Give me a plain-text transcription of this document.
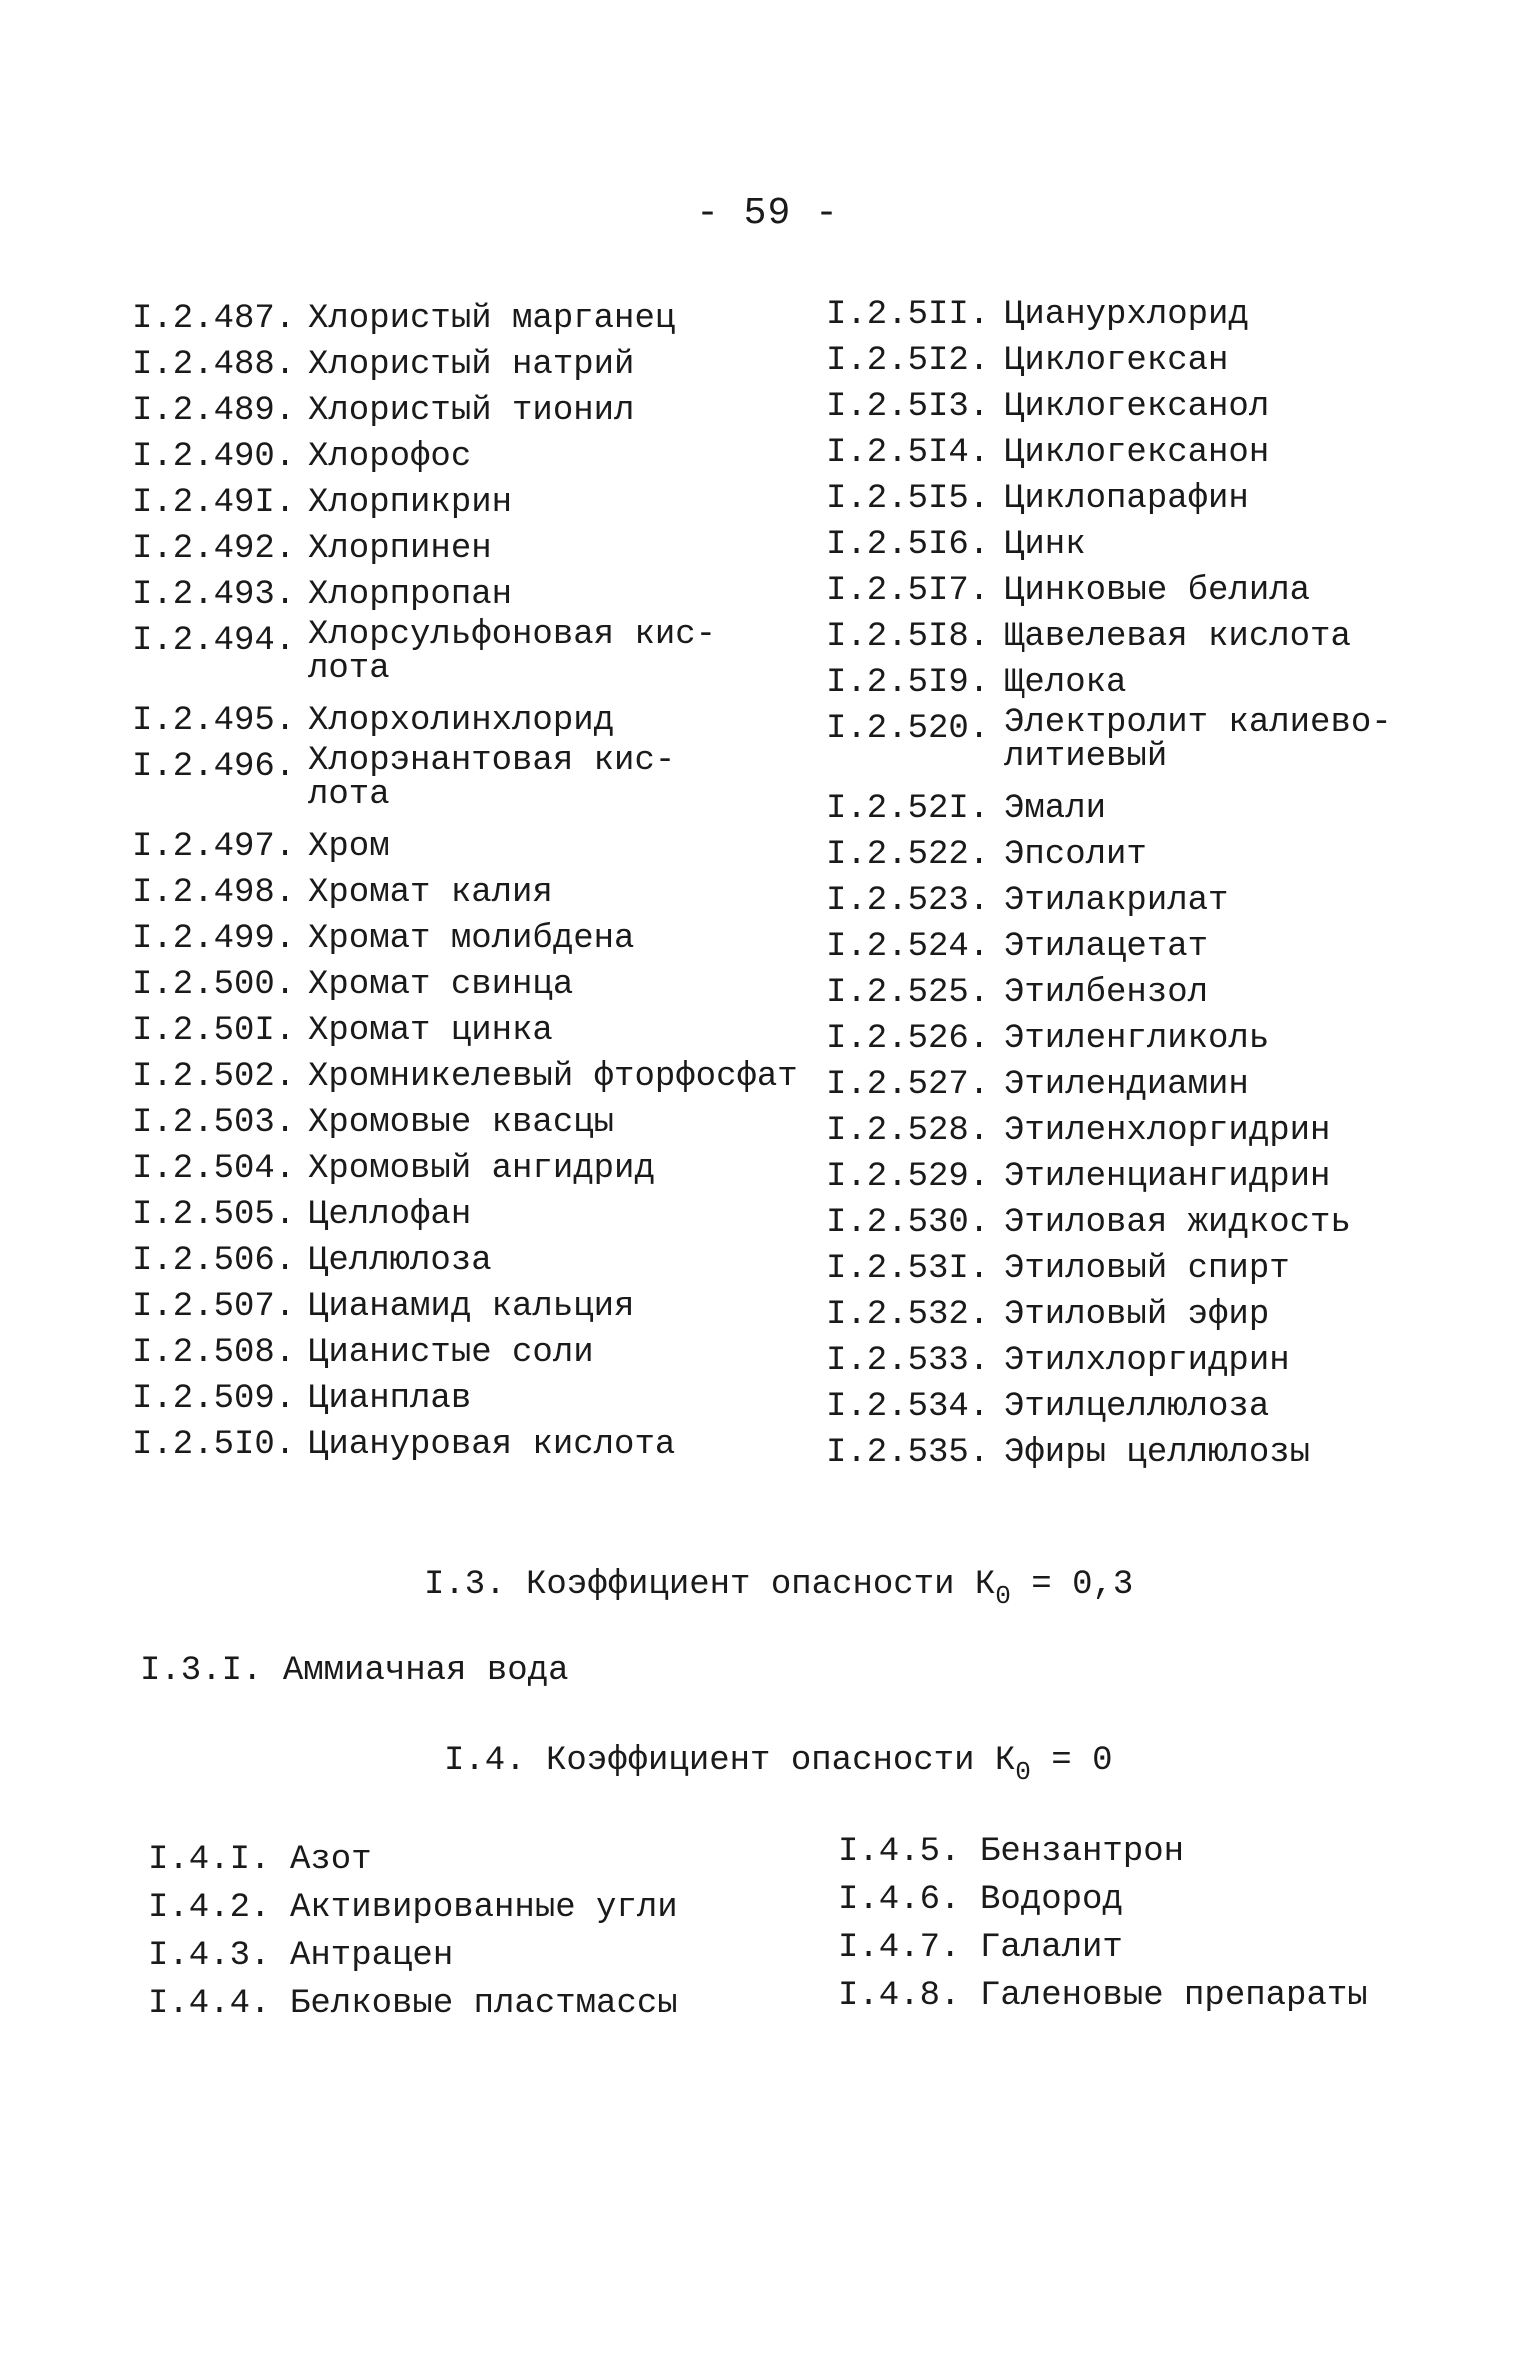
- 59 -
I.2.487. Хлористый марганец
I.2.488. Хлористый натрий
I.2.489. Хлористый тионил
I.2.490. Хлорофос
I.2.49I. Хлорпикрин
I.2.492. Хлорпинен
I.2.493. Хлорпропан
I.2.494. Хлорсульфоновая кис-
лота
I.2.495. Хлорхолинхлорид
I.2.496. Хлорэнантовая кис-
лота
I.2.497. Хром
I.2.498. Хромат калия
I.2.499. Хромат молибдена
I.2.500. Хромат свинца
I.2.50I. Хромат цинка
I.2.502. Хромникелевый фторфосфат
I.2.503. Хромовые квасцы
I.2.504. Хромовый ангидрид
I.2.505. Целлофан
I.2.506. Целлюлоза
I.2.507. Цианамид кальция
I.2.508. Цианистые соли
I.2.509. Цианплав
I.2.5I0. Циануровая кислота
I.2.5II. Цианурхлорид
I.2.5I2. Циклогексан
I.2.5I3. Циклогексанол
I.2.5I4. Циклогексанон
I.2.5I5. Циклопарафин
I.2.5I6. Цинк
I.2.5I7. Цинковые белила
I.2.5I8. Щавелевая кислота
I.2.5I9. Щелока
I.2.520. Электролит калиево-
литиевый
I.2.52I. Эмали
I.2.522. Эпсолит
I.2.523. Этилакрилат
I.2.524. Этилацетат
I.2.525. Этилбензол
I.2.526. Этиленгликоль
I.2.527. Этилендиамин
I.2.528. Этиленхлоргидрин
I.2.529. Этиленциангидрин
I.2.530. Этиловая жидкость
I.2.53I. Этиловый спирт
I.2.532. Этиловый эфир
I.2.533. Этилхлоргидрин
I.2.534. Этилцеллюлоза
I.2.535. Эфиры целлюлозы
I.3. Коэффициент опасности $К_0 = 0,3$
I.3.I. Аммиачная вода
I.4. Коэффициент опасности $К_0 = 0$
I.4.I. Азот
I.4.2. Активированные угли
I.4.3. Антрацен
I.4.4. Белковые пластмассы
I.4.5. Бензантрон
I.4.6. Водород
I.4.7. Галалит
I.4.8. Галеновые препараты
